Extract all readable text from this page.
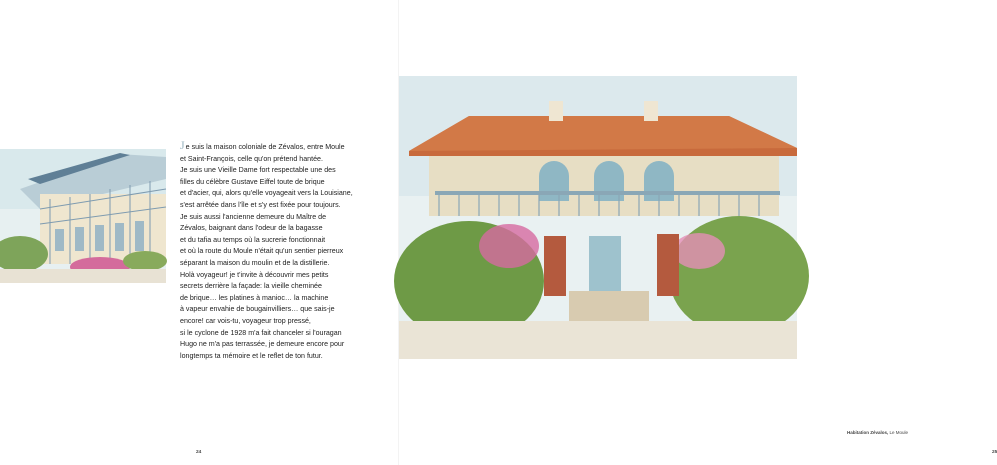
Je suis la maison coloniale de Zévalos, entre Moule
et Saint-François, celle qu'on prétend hantée.
Je suis une Vieille Dame fort respectable une des
filles du célèbre Gustave Eiffel toute de brique
et d'acier, qui, alors qu'elle voyageait vers la Louisiane,
s'est arrêtée dans l'île et s'y est fixée pour toujours.
Je suis aussi l'ancienne demeure du Maître de
Zévalos, baignant dans l'odeur de la bagasse
et du tafia au temps où la sucrerie fonctionnait
et où la route du Moule n'était qu'un sentier pierreux
séparant la maison du moulin et de la distillerie.
Holà voyageur! je t'invite à découvrir mes petits
secrets derrière la façade: la vieille cheminée
de brique… les platines à manioc… la machine
à vapeur envahie de bougainvilliers… que sais-je
encore! car vois-tu, voyageur trop pressé,
si le cyclone de 1928 m'a fait chanceler si l'ouragan
Hugo ne m'a pas terrassée, je demeure encore pour
longtemps ta mémoire et le reflet de ton futur.
24
Habitation Zévalos, Le Moule
25
